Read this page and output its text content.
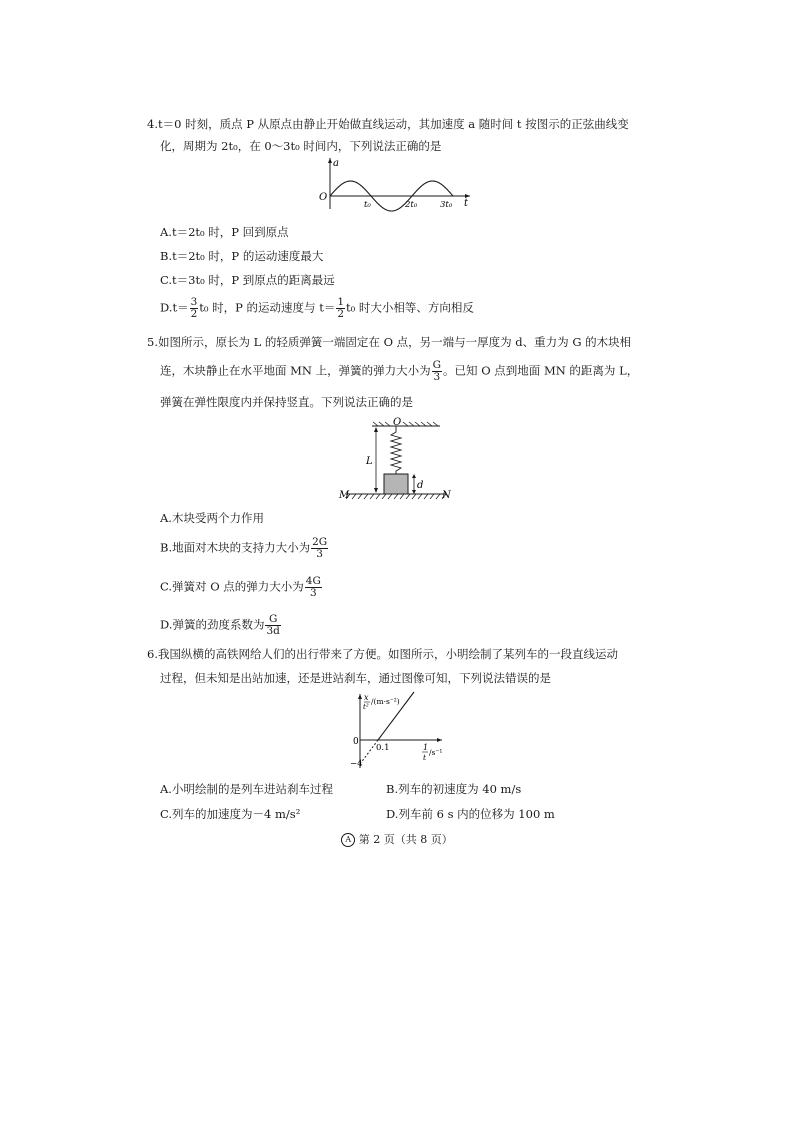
4.t＝0 时刻，质点 P 从原点由静止开始做直线运动，其加速度 a 随时间 t 按图示的正弦曲线变
化，周期为 2t₀，在 0～3t₀ 时间内，下列说法正确的是
a
t
O
t₀	2t₀	3t₀
A.t＝2t₀ 时，P 回到原点
B.t＝2t₀ 时，P 的运动速度最大
C.t＝3t₀ 时，P 到原点的距离最远
$D.t= \frac{3}{2} t_0$ 时，P 的运动速度与 $t= \frac{1}{2} t_0$ 时大小相等、方向相反
5.如图所示，原长为 L 的轻质弹簧一端固定在 O 点，另一端与一厚度为 d、重力为 G 的木块相
连，木块静止在水平地面 MN 上，弹簧的弹力大小为 $\frac{G}{3}$ 。已知 O 点到地面 MN 的距离为 L，
弹簧在弹性限度内并保持竖直。下列说法正确的是
O
L
d
M	N
A.木块受两个力作用
B.地面对木块的支持力大小为 $\frac{2G}{3}$
C.弹簧对 O 点的弹力大小为 $\frac{4G}{3}$
D.弹簧的劲度系数为 $\frac{G}{3d}$
6.我国纵横的高铁网给人们的出行带来了方便。如图所示，小明绘制了某列车的一段直线运动
过程，但未知是出站加速，还是进站刹车，通过图像可知，下列说法错误的是
x
t²
/(m·s⁻²)
0
0.1
−4
1
t
/s⁻¹
A.小明绘制的是列车进站刹车过程	B.列车的初速度为 40 m/s
C.列车的加速度为－4 m/s²	D.列车前 6 s 内的位移为 100 m
A 第 2 页（共 8 页）
